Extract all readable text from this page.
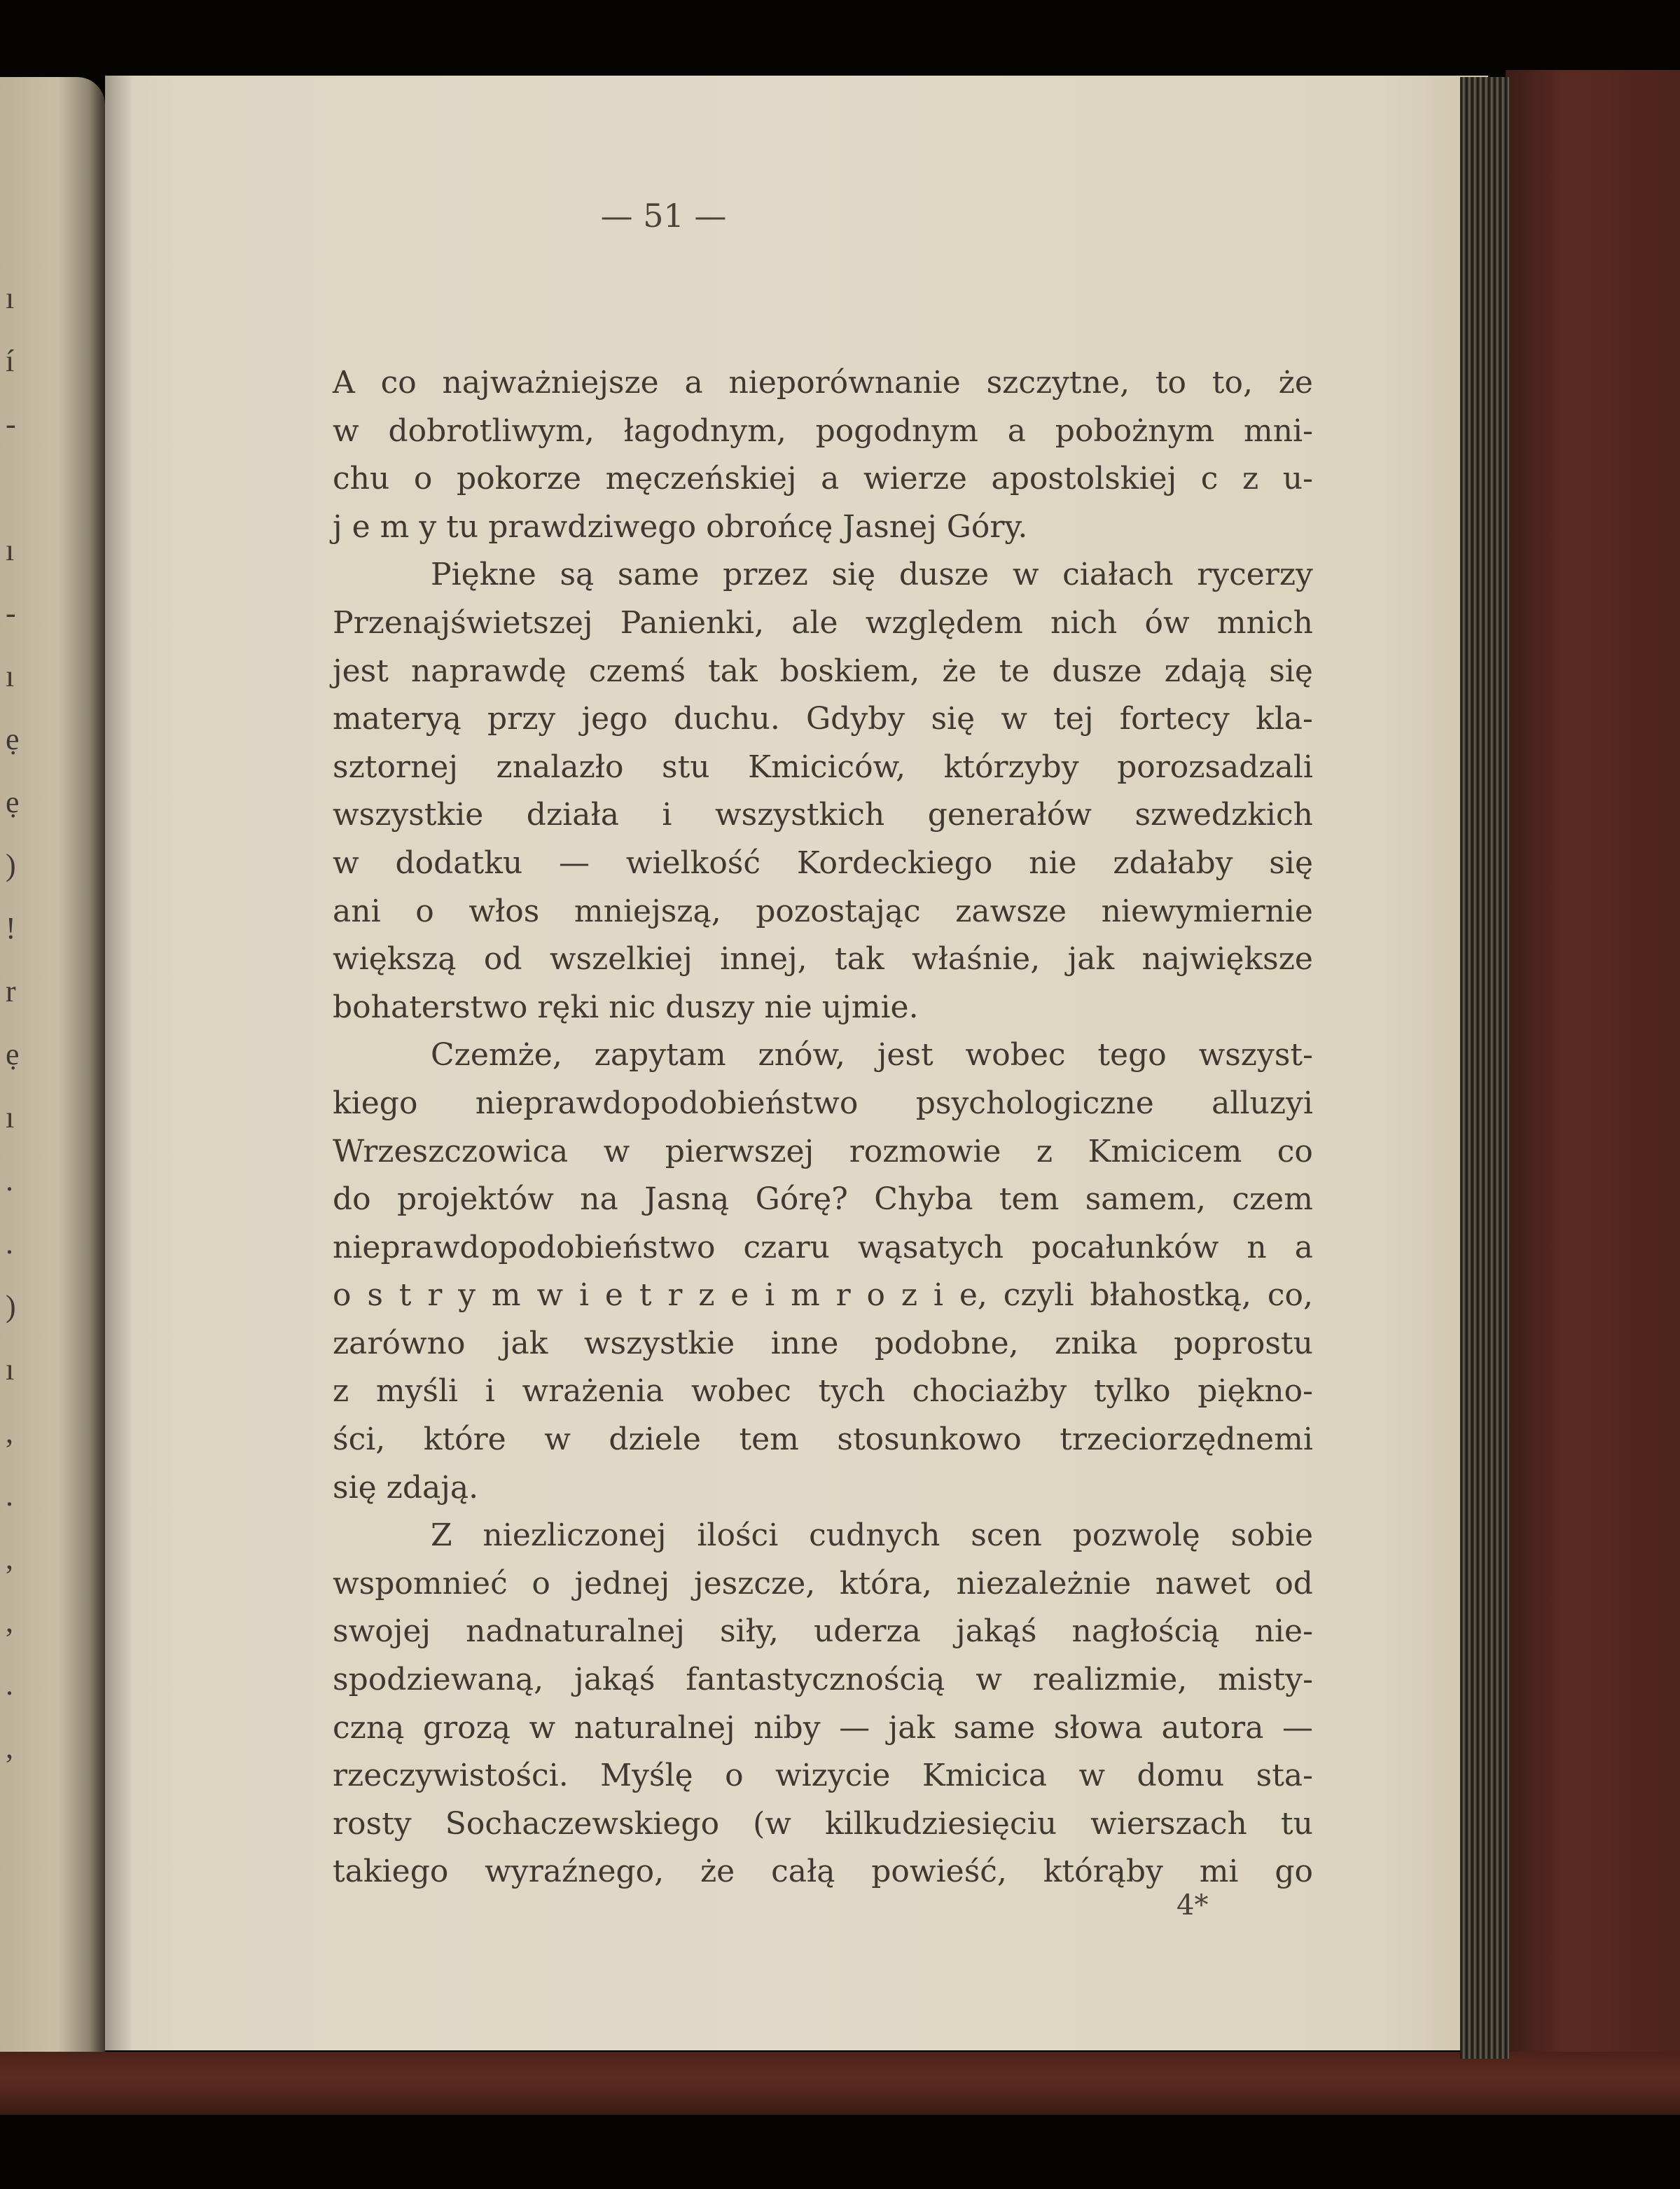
ı
í
-
ı
-
ı
ẹ
ẹ
)
!
r
ẹ
ı
.
.
)
ı
,
.
,
,
.
,
— 51 —
A co najważniejsze a nieporównanie szczytne, to to, że
w dobrotliwym, łagodnym, pogodnym a pobożnym mni-
chu o pokorze męczeńskiej a wierze apostolskiej c z u-
j e m y tu prawdziwego obrońcę Jasnej Góry.
Piękne są same przez się dusze w ciałach rycerzy
Przenajświetszej Panienki, ale względem nich ów mnich
jest naprawdę czemś tak boskiem, że te dusze zdają się
materyą przy jego duchu. Gdyby się w tej fortecy kla-
sztornej znalazło stu Kmiciców, którzyby porozsadzali
wszystkie działa i wszystkich generałów szwedzkich
w dodatku — wielkość Kordeckiego nie zdałaby się
ani o włos mniejszą, pozostając zawsze niewymiernie
większą od wszelkiej innej, tak właśnie, jak największe
bohaterstwo ręki nic duszy nie ujmie.
Czemże, zapytam znów, jest wobec tego wszyst-
kiego nieprawdopodobieństwo psychologiczne alluzyi
Wrzeszczowica w pierwszej rozmowie z Kmicicem co
do projektów na Jasną Górę? Chyba tem samem, czem
nieprawdopodobieństwo czaru wąsatych pocałunków n a
o s t r y m w i e t r z e i m r o z i e, czyli błahostką, co,
zarówno jak wszystkie inne podobne, znika poprostu
z myśli i wrażenia wobec tych chociażby tylko piękno-
ści, które w dziele tem stosunkowo trzeciorzędnemi
się zdają.
Z niezliczonej ilości cudnych scen pozwolę sobie
wspomnieć o jednej jeszcze, która, niezależnie nawet od
swojej nadnaturalnej siły, uderza jakąś nagłością nie-
spodziewaną, jakąś fantastycznością w realizmie, misty-
czną grozą w naturalnej niby — jak same słowa autora —
rzeczywistości. Myślę o wizycie Kmicica w domu sta-
rosty Sochaczewskiego (w kilkudziesięciu wierszach tu
takiego wyraźnego, że całą powieść, którąby mi go
4*
